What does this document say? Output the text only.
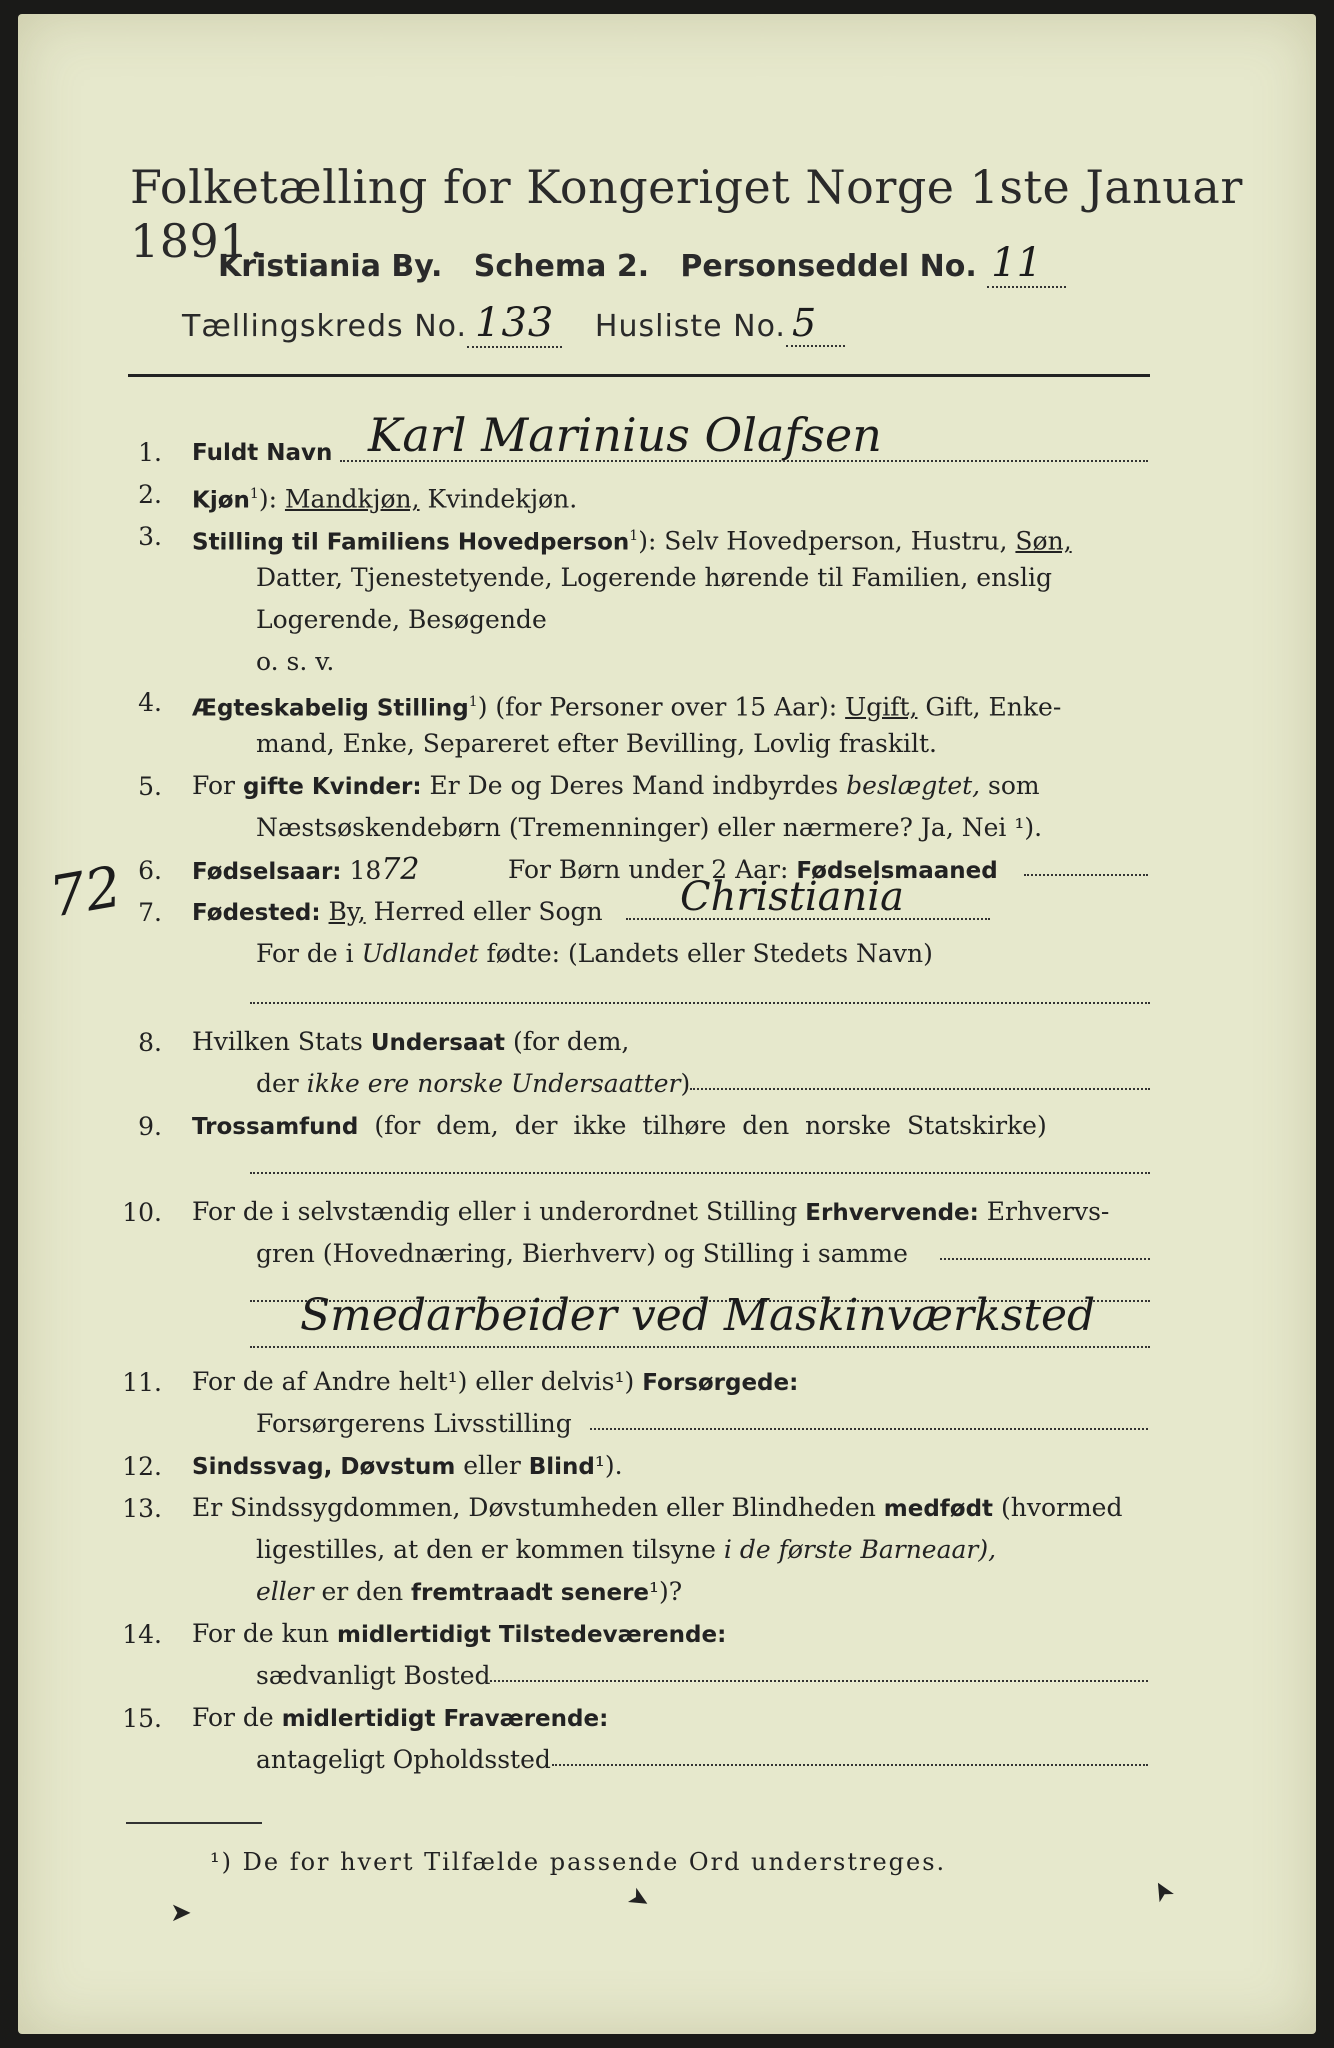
Folketælling for Kongeriget Norge 1ste Januar 1891.
Kristiania By.   Schema 2.   Personseddel No. 11
Tællingskreds No. 133 Husliste No. 5
1. Fuldt Navn Karl Marinius Olafsen
2. Kjøn$^1$): Mandkjøn, Kvindekjøn.
3. Stilling til Familiens Hovedperson$^1$): Selv Hovedperson, Hustru, Søn,
Datter, Tjenestetyende, Logerende hørende til Familien, enslig
Logerende, Besøgende
o. s. v.
4. Ægteskabelig Stilling$^1$) (for Personer over 15 Aar): Ugift, Gift, Enke-
mand, Enke, Separeret efter Bevilling, Lovlig fraskilt.
5. For gifte Kvinder: Er De og Deres Mand indbyrdes beslægtet, som
Næstsøskendebørn (Tremenninger) eller nærmere? Ja, Nei ¹).
6. Fødselsaar: 1872	For Børn under 2 Aar: Fødselsmaaned
72 7. Fødested: By, Herred eller Sogn Christiania
For de i Udlandet fødte: (Landets eller Stedets Navn)
8. Hvilken Stats Undersaat (for dem,
der ikke ere norske Undersaatter)
9. Trossamfund (for dem, der ikke tilhøre den norske Statskirke)
10. For de i selvstændig eller i underordnet Stilling Erhvervende: Erhvervs-
gren (Hovednæring, Bierhverv) og Stilling i samme
Smedarbeider ved Maskinværksted
11. For de af Andre helt¹) eller delvis¹) Forsørgede:
Forsørgerens Livsstilling
12. Sindssvag, Døvstum eller Blind¹).
13. Er Sindssygdommen, Døvstumheden eller Blindheden medfødt (hvormed
ligestilles, at den er kommen tilsyne i de første Barneaar),
eller er den fremtraadt senere¹)?
14. For de kun midlertidigt Tilstedeværende:
sædvanligt Bosted
15. For de midlertidigt Fraværende:
antageligt Opholdssted
¹) De for hvert Tilfælde passende Ord understreges.
➤	➤	➤
